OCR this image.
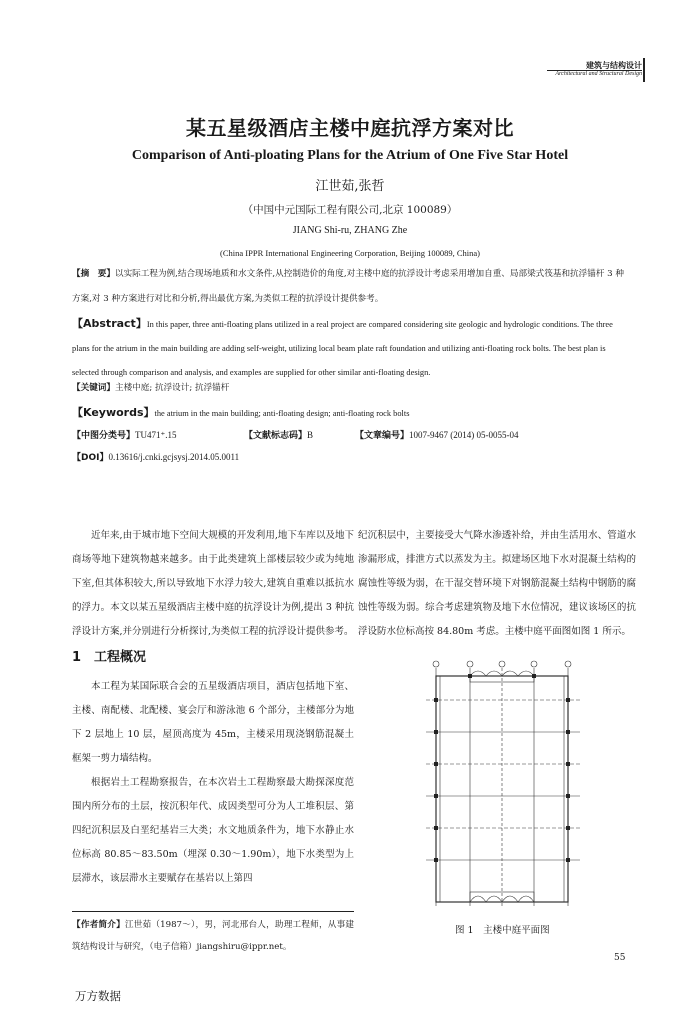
建筑与结构设计
Architectural and Structural Design
某五星级酒店主楼中庭抗浮方案对比
Comparison of Anti-ploating Plans for the Atrium of One Five Star Hotel
江世茹,张哲
（中国中元国际工程有限公司,北京 100089）
JIANG Shi-ru, ZHANG Zhe
(China IPPR International Engineering Corporation, Beijing 100089, China)
【摘　要】以实际工程为例,结合现场地质和水文条件,从控制造价的角度,对主楼中庭的抗浮设计考虑采用增加自重、局部梁式筏基和抗浮锚杆 3 种方案,对 3 种方案进行对比和分析,得出最优方案,为类似工程的抗浮设计提供参考。
【Abstract】In this paper, three anti-floating plans utilized in a real project are compared considering site geologic and hydrologic conditions. The three plans for the atrium in the main building are adding self-weight, utilizing local beam plate raft foundation and utilizing anti-floating rock bolts. The best plan is selected through comparison and analysis, and examples are supplied for other similar anti-floating design.
【关键词】主楼中庭; 抗浮设计; 抗浮锚杆
【Keywords】the atrium in the main building; anti-floating design; anti-floating rock bolts
【中图分类号】TU471⁺.15	【文献标志码】B	【文章编号】1007-9467 (2014) 05-0055-04
【DOI】0.13616/j.cnki.gcjsysj.2014.05.0011

近年来,由于城市地下空间大规模的开发利用,地下车库以及地下商场等地下建筑物越来越多。由于此类建筑上部楼层较少或为纯地下室,但其体积较大,所以导致地下水浮力较大,建筑自重难以抵抗水的浮力。本文以某五星级酒店主楼中庭的抗浮设计为例,提出 3 种抗浮设计方案,并分别进行分析探讨,为类似工程的抗浮设计提供参考。

1　工程概况

本工程为某国际联合会的五星级酒店项目，酒店包括地下室、主楼、南配楼、北配楼、宴会厅和游泳池 6 个部分，主楼部分为地下 2 层地上 10 层，屋顶高度为 45m，主楼采用现浇钢筋混凝土框架一剪力墙结构。

根据岩土工程勘察报告，在本次岩土工程勘察最大勘探深度范围内所分布的土层，按沉积年代、成因类型可分为人工堆积层、第四纪沉积层及白垩纪基岩三大类；水文地质条件为，地下水静止水位标高 80.85～83.50m（埋深 0.30～1.90m），地下水类型为上层滞水，该层滞水主要赋存在基岩以上第四

纪沉积层中，主要接受大气降水渗透补给，并由生活用水、管道水渗漏形成，排泄方式以蒸发为主。拟建场区地下水对混凝土结构的腐蚀性等级为弱，在干湿交替环境下对钢筋混凝土结构中钢筋的腐蚀性等级为弱。综合考虑建筑物及地下水位情况，建议该场区的抗浮设防水位标高按 84.80m 考虑。主楼中庭平面图如图 1 所示。

【作者简介】江世茹（1987～），男，河北邢台人，助理工程师，从事建筑结构设计与研究，（电子信箱）jiangshiru@ippr.net。
图 1　主楼中庭平面图
55
万方数据
